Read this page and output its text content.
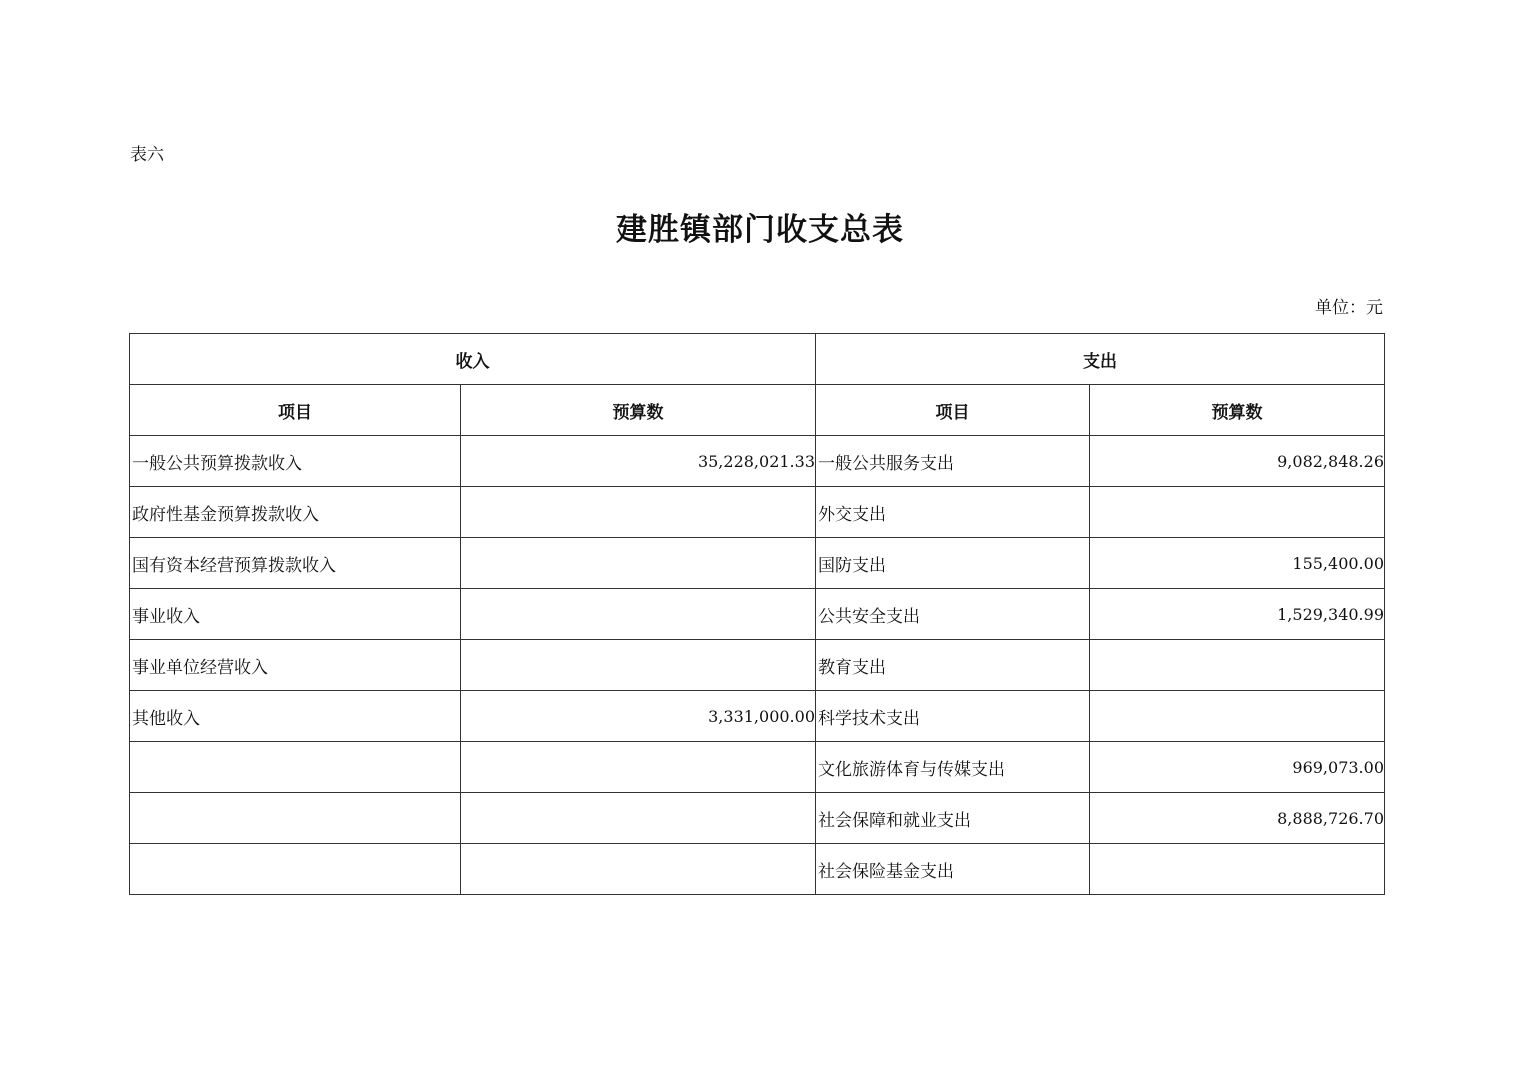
表六
建胜镇部门收支总表
单位：元
收入		支出	
项目	预算数	项目	预算数
一般公共预算拨款收入	35,228,021.33	一般公共服务支出	9,082,848.26
政府性基金预算拨款收入		外交支出	
国有资本经营预算拨款收入		国防支出	155,400.00
事业收入		公共安全支出	1,529,340.99
事业单位经营收入		教育支出	
其他收入	3,331,000.00	科学技术支出	
		文化旅游体育与传媒支出	969,073.00
		社会保障和就业支出	8,888,726.70
		社会保险基金支出	
